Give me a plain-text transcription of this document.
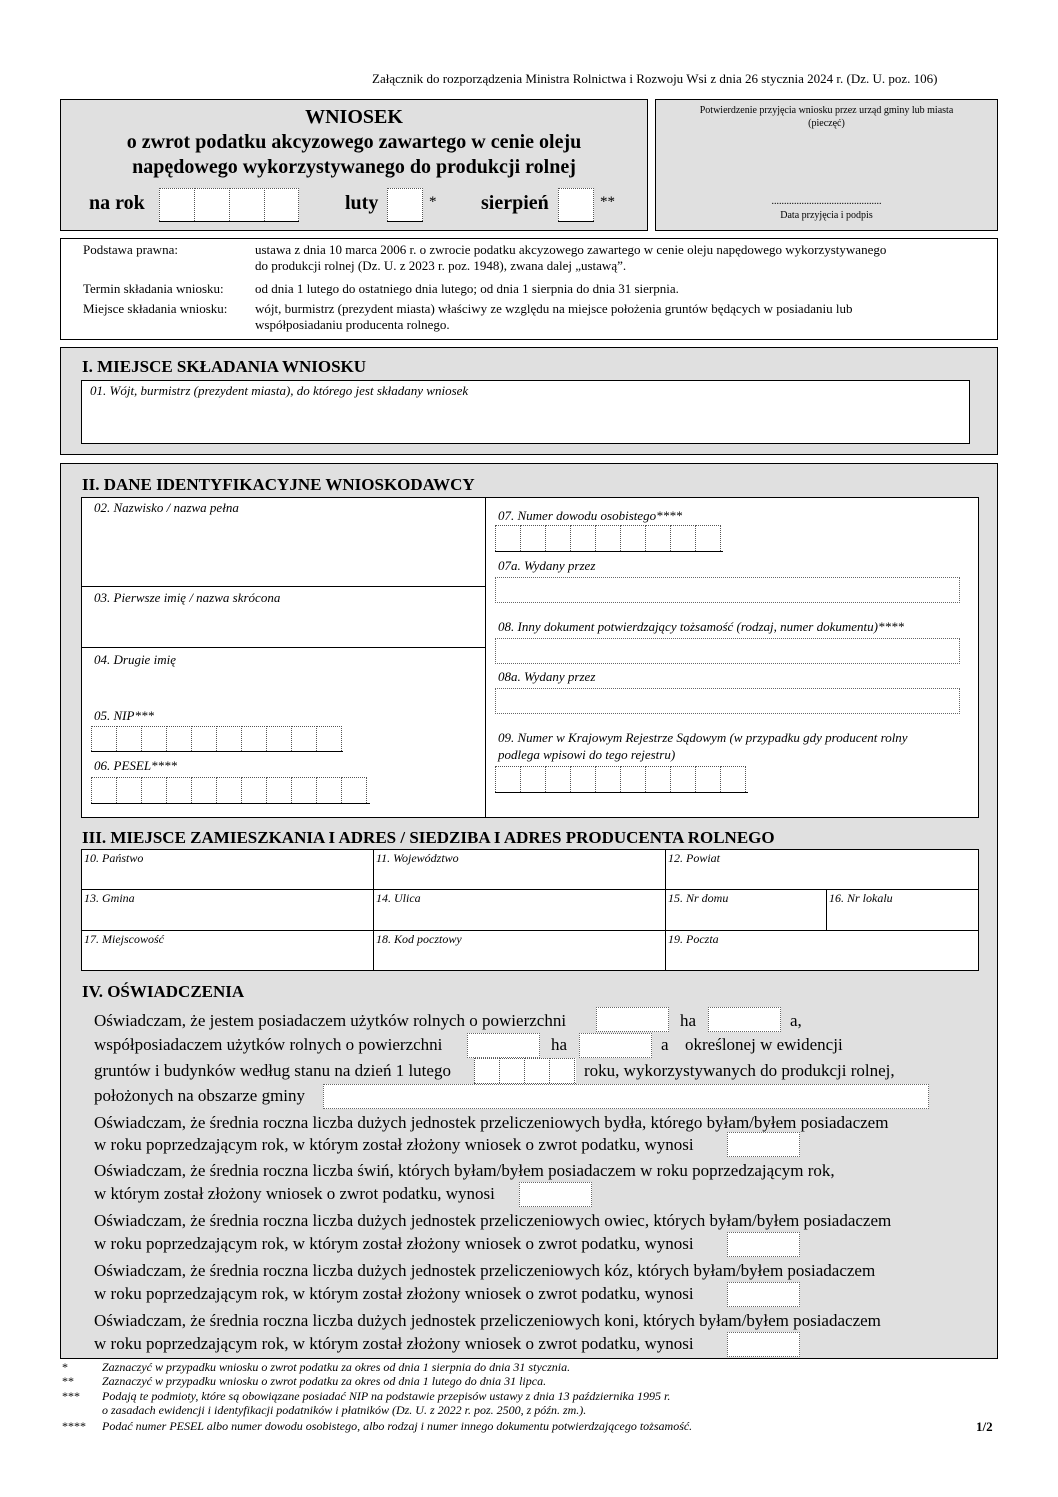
Załącznik do rozporządzenia Ministra Rolnictwa i Rozwoju Wsi z dnia 26 stycznia 2024 r. (Dz. U. poz. 106)
WNIOSEK
o zwrot podatku akcyzowego zawartego w cenie oleju
napędowego wykorzystywanego do produkcji rolnej
na rok	luty	* sierpień	**
Potwierdzenie przyjęcia wniosku przez urząd gminy lub miasta
(pieczęć)
............................................
Data przyjęcia i podpis
Podstawa prawna:	ustawa z dnia 10 marca 2006 r. o zwrocie podatku akcyzowego zawartego w cenie oleju napędowego wykorzystywanego
do produkcji rolnej (Dz. U. z 2023 r. poz. 1948), zwana dalej „ustawą”.
Termin składania wniosku: od dnia 1 lutego do ostatniego dnia lutego; od dnia 1 sierpnia do dnia 31 sierpnia.
Miejsce składania wniosku: wójt, burmistrz (prezydent miasta) właściwy ze względu na miejsce położenia gruntów będących w posiadaniu lub
współposiadaniu producenta rolnego.
I. MIEJSCE SKŁADANIA WNIOSKU
01. Wójt, burmistrz (prezydent miasta), do którego jest składany wniosek
II. DANE IDENTYFIKACYJNE WNIOSKODAWCY
02. Nazwisko / nazwa pełna
03. Pierwsze imię / nazwa skrócona
04. Drugie imię
05. NIP***
06. PESEL****
07. Numer dowodu osobistego****
07a. Wydany przez
08. Inny dokument potwierdzający tożsamość (rodzaj, numer dokumentu)****
08a. Wydany przez
09. Numer w Krajowym Rejestrze Sądowym (w przypadku gdy producent rolny
podlega wpisowi do tego rejestru)
III. MIEJSCE ZAMIESZKANIA I ADRES / SIEDZIBA I ADRES PRODUCENTA ROLNEGO
10. Państwo	11. Województwo	12. Powiat
13. Gmina	14. Ulica	15. Nr domu	16. Nr lokalu
17. Miejscowość	18. Kod pocztowy	19. Poczta
IV. OŚWIADCZENIA
Oświadczam, że jestem posiadaczem użytków rolnych o powierzchni	ha	a,
współposiadaczem użytków rolnych o powierzchni	ha	a określonej w ewidencji
gruntów i budynków według stanu na dzień 1 lutego	roku, wykorzystywanych do produkcji rolnej,
położonych na obszarze gminy
Oświadczam, że średnia roczna liczba dużych jednostek przeliczeniowych bydła, którego byłam/byłem posiadaczem
w roku poprzedzającym rok, w którym został złożony wniosek o zwrot podatku, wynosi
Oświadczam, że średnia roczna liczba świń, których byłam/byłem posiadaczem w roku poprzedzającym rok,
w którym został złożony wniosek o zwrot podatku, wynosi
Oświadczam, że średnia roczna liczba dużych jednostek przeliczeniowych owiec, których byłam/byłem posiadaczem
w roku poprzedzającym rok, w którym został złożony wniosek o zwrot podatku, wynosi
Oświadczam, że średnia roczna liczba dużych jednostek przeliczeniowych kóz, których byłam/byłem posiadaczem
w roku poprzedzającym rok, w którym został złożony wniosek o zwrot podatku, wynosi
Oświadczam, że średnia roczna liczba dużych jednostek przeliczeniowych koni, których byłam/byłem posiadaczem
w roku poprzedzającym rok, w którym został złożony wniosek o zwrot podatku, wynosi
*	Zaznaczyć w przypadku wniosku o zwrot podatku za okres od dnia 1 sierpnia do dnia 31 stycznia.
** Zaznaczyć w przypadku wniosku o zwrot podatku za okres od dnia 1 lutego do dnia 31 lipca.
*** Podają te podmioty, które są obowiązane posiadać NIP na podstawie przepisów ustawy z dnia 13 października 1995 r.
o zasadach ewidencji i identyfikacji podatników i płatników (Dz. U. z 2022 r. poz. 2500, z późn. zm.).
**** Podać numer PESEL albo numer dowodu osobistego, albo rodzaj i numer innego dokumentu potwierdzającego tożsamość.	1/2
